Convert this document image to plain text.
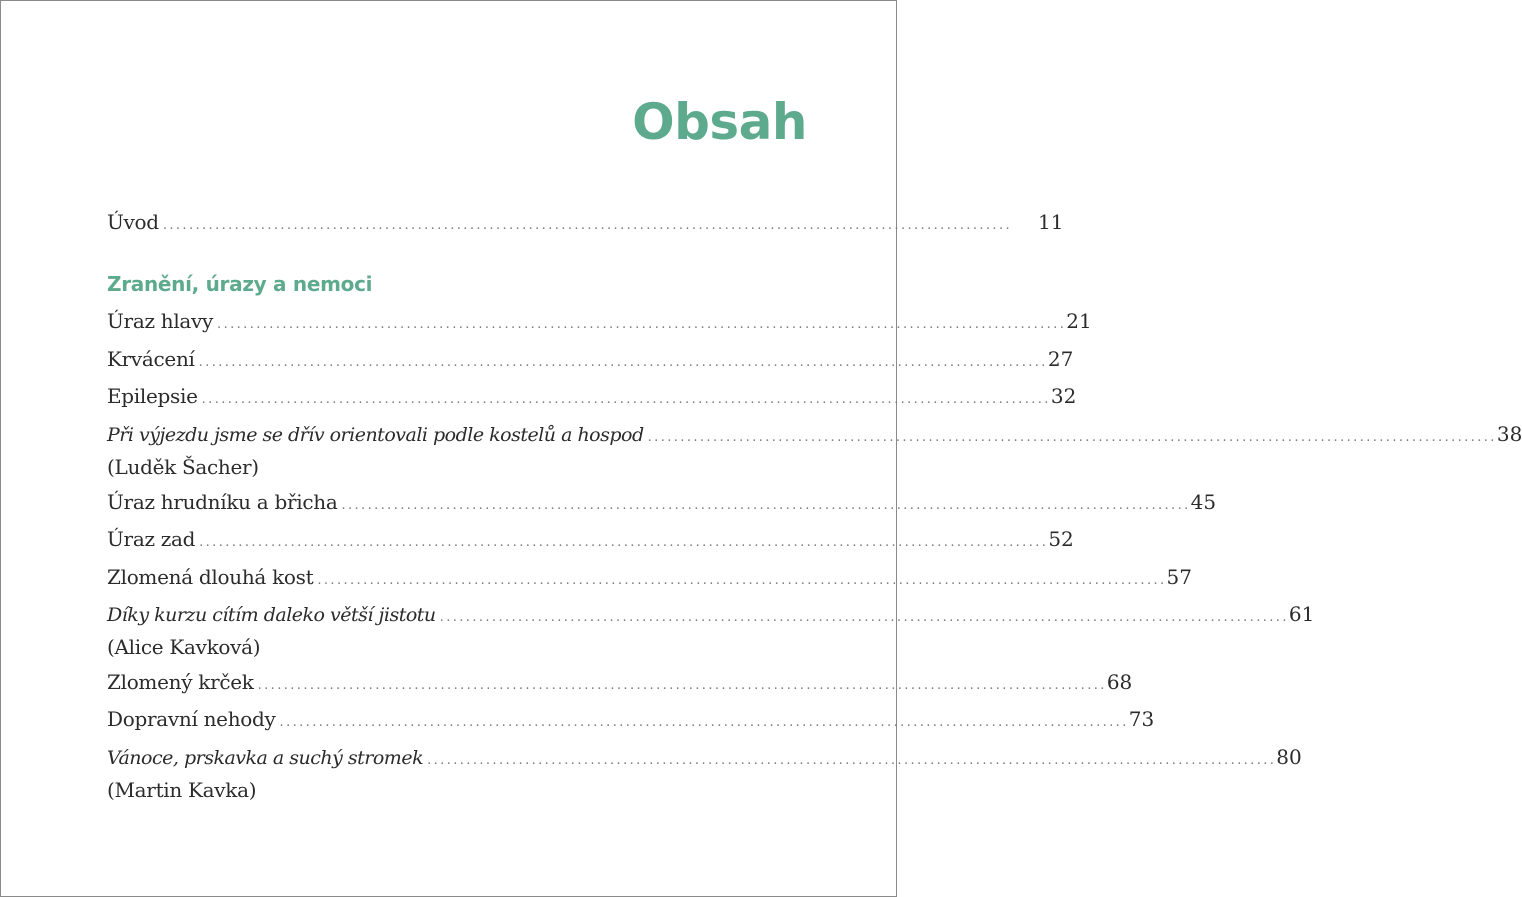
Obsah
Úvod .................................................................................................................................. 11
Zranění, úrazy a nemoci
Úraz hlavy .................................................................................................................................. 21
Krvácení .................................................................................................................................. 27
Epilepsie .................................................................................................................................. 32
Při výjezdu jsme se dřív orientovali podle kostelů a hospod .................................................................................................................................. 38
(Luděk Šacher)
Úraz hrudníku a břicha .................................................................................................................................. 45
Úraz zad .................................................................................................................................. 52
Zlomená dlouhá kost .................................................................................................................................. 57
Díky kurzu cítím daleko větší jistotu .................................................................................................................................. 61
(Alice Kavková)
Zlomený krček .................................................................................................................................. 68
Dopravní nehody .................................................................................................................................. 73
Vánoce, prskavka a suchý stromek .................................................................................................................................. 80
(Martin Kavka)
